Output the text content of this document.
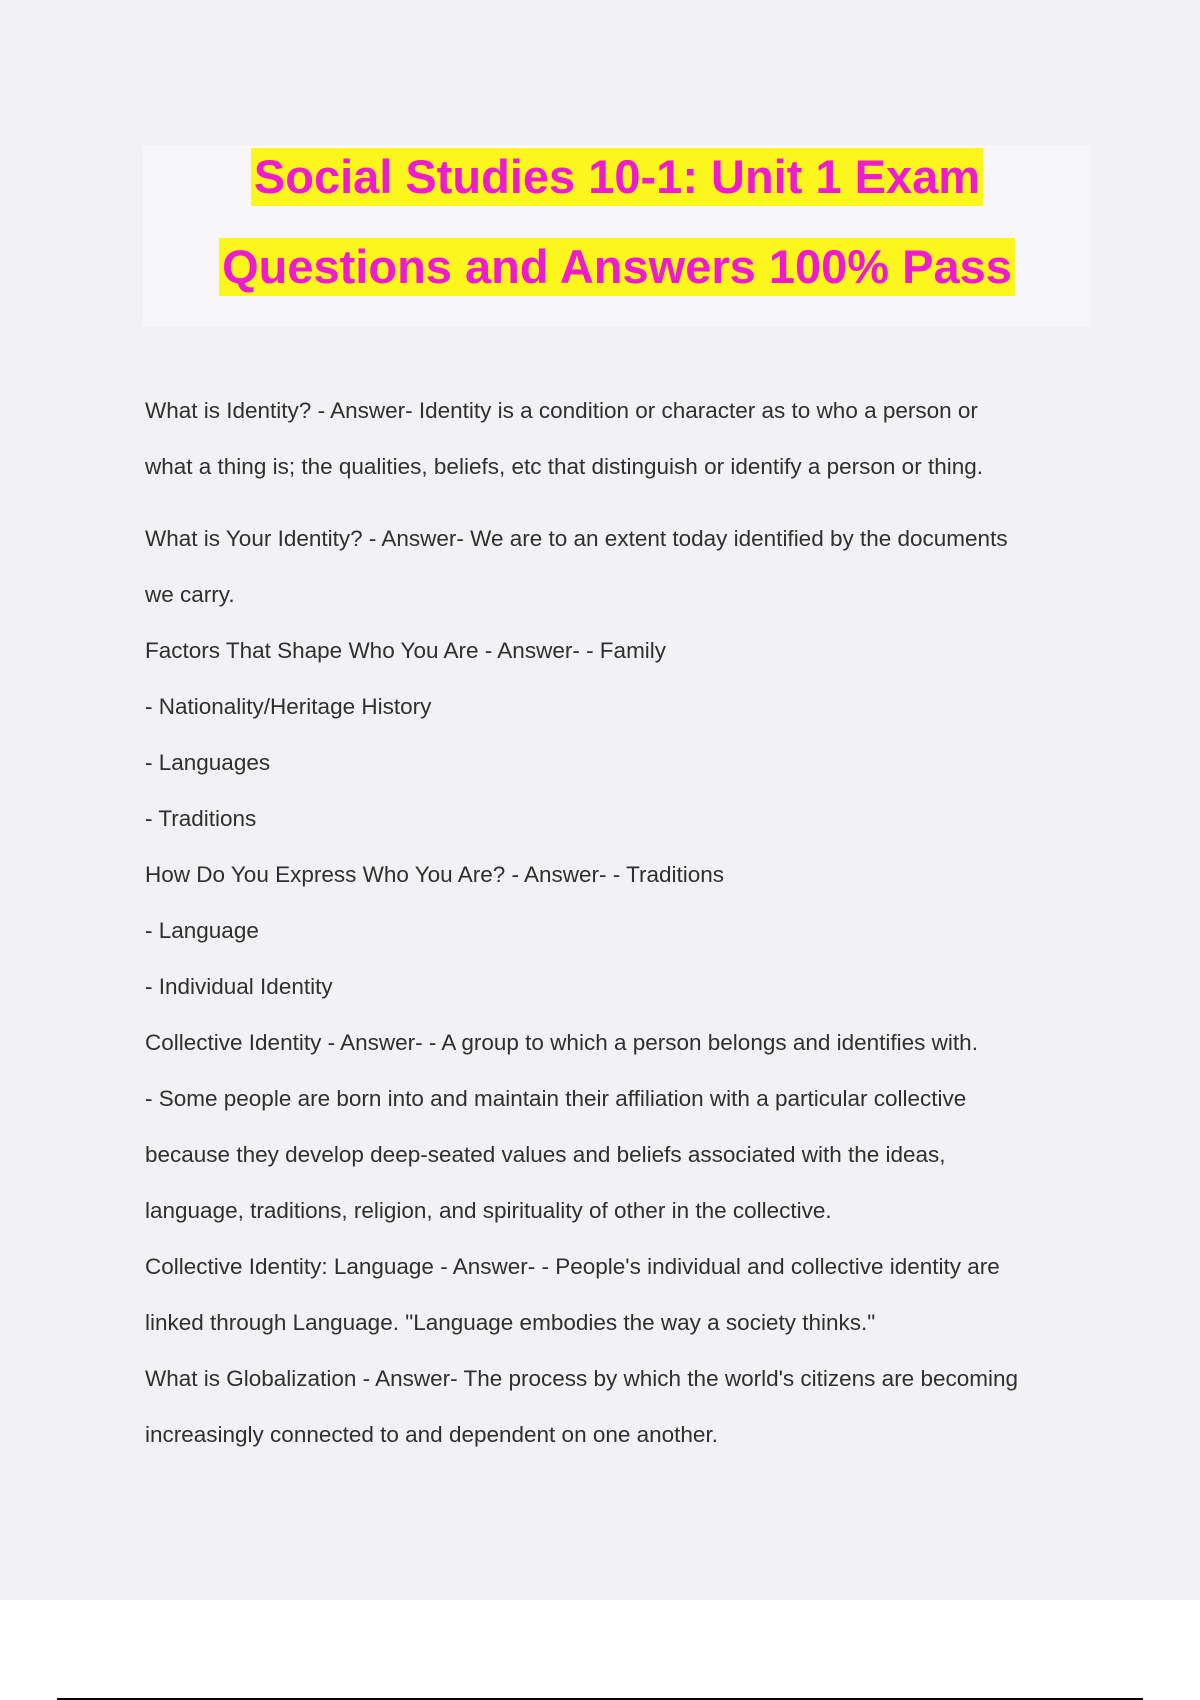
Social Studies 10-1: Unit 1 Exam
Questions and Answers 100% Pass
What is Identity? - Answer- Identity is a condition or character as to who a person or
what a thing is; the qualities, beliefs, etc that distinguish or identify a person or thing.
What is Your Identity? - Answer- We are to an extent today identified by the documents
we carry.
Factors That Shape Who You Are - Answer- - Family
- Nationality/Heritage History
- Languages
- Traditions
How Do You Express Who You Are? - Answer- - Traditions
- Language
- Individual Identity
Collective Identity - Answer- - A group to which a person belongs and identifies with.
- Some people are born into and maintain their affiliation with a particular collective
because they develop deep-seated values and beliefs associated with the ideas,
language, traditions, religion, and spirituality of other in the collective.
Collective Identity: Language - Answer- - People's individual and collective identity are
linked through Language. "Language embodies the way a society thinks."
What is Globalization - Answer- The process by which the world's citizens are becoming
increasingly connected to and dependent on one another.
